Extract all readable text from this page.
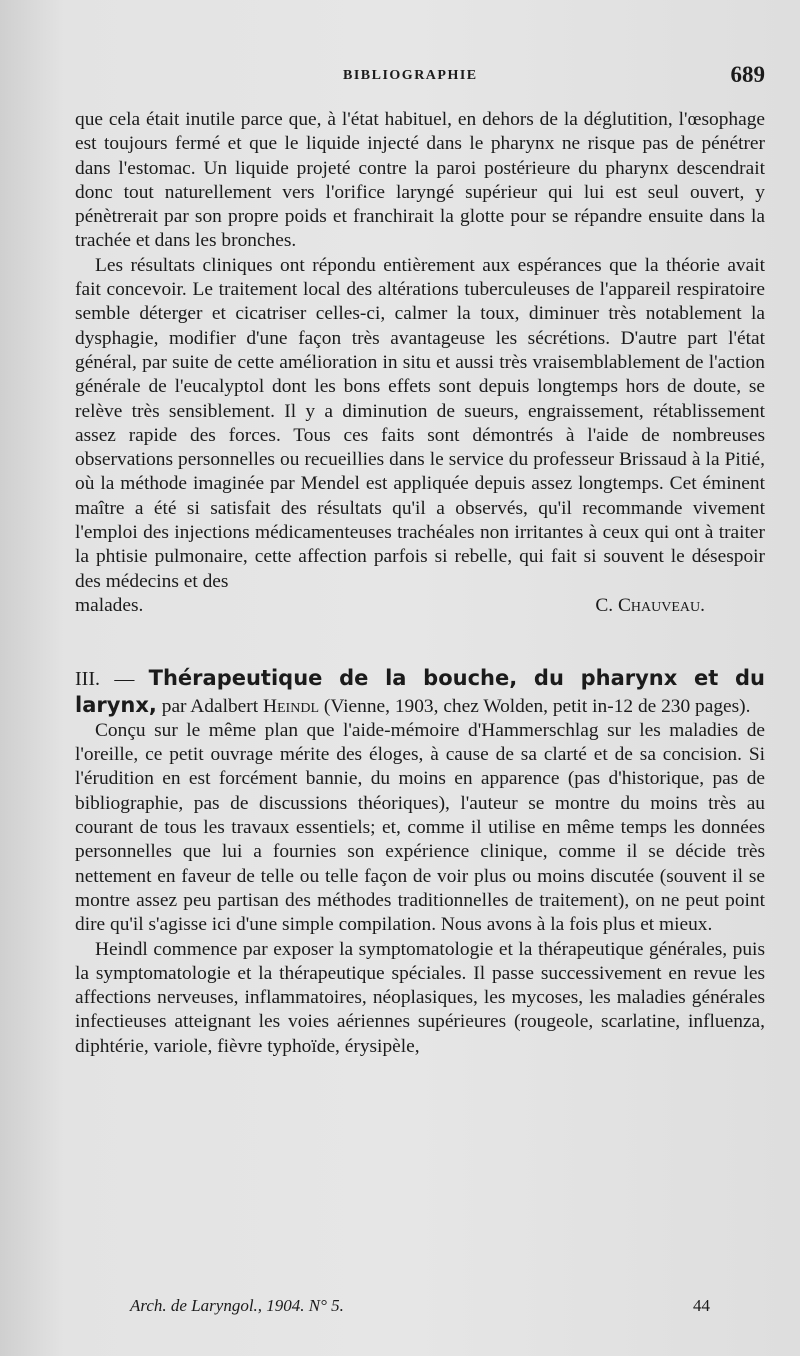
BIBLIOGRAPHIE	689

que cela était inutile parce que, à l'état habituel, en dehors de la déglutition, l'œsophage est toujours fermé et que le liquide injecté dans le pharynx ne risque pas de pénétrer dans l'estomac. Un liquide projeté contre la paroi postérieure du pharynx descendrait donc tout naturellement vers l'orifice laryngé supérieur qui lui est seul ouvert, y pénètrerait par son propre poids et franchirait la glotte pour se répandre ensuite dans la trachée et dans les bronches.

Les résultats cliniques ont répondu entièrement aux espérances que la théorie avait fait concevoir. Le traitement local des altérations tuberculeuses de l'appareil respiratoire semble déterger et cicatriser celles-ci, calmer la toux, diminuer très notablement la dysphagie, modifier d'une façon très avantageuse les sécrétions. D'autre part l'état général, par suite de cette amélioration in situ et aussi très vraisemblablement de l'action générale de l'eucalyptol dont les bons effets sont depuis longtemps hors de doute, se relève très sensiblement. Il y a diminution de sueurs, engraissement, rétablissement assez rapide des forces. Tous ces faits sont démontrés à l'aide de nombreuses observations personnelles ou recueillies dans le service du professeur Brissaud à la Pitié, où la méthode imaginée par Mendel est appliquée depuis assez longtemps. Cet éminent maître a été si satisfait des résultats qu'il a observés, qu'il recommande vivement l'emploi des injections médicamenteuses trachéales non irritantes à ceux qui ont à traiter la phtisie pulmonaire, cette affection parfois si rebelle, qui fait si souvent le désespoir des médecins et des

malades.	C. Chauveau.

III. — Thérapeutique de la bouche, du pharynx et du larynx, par Adalbert Heindl (Vienne, 1903, chez Wolden, petit in-12 de 230 pages).

Conçu sur le même plan que l'aide-mémoire d'Hammerschlag sur les maladies de l'oreille, ce petit ouvrage mérite des éloges, à cause de sa clarté et de sa concision. Si l'érudition en est forcément bannie, du moins en apparence (pas d'historique, pas de bibliographie, pas de discussions théoriques), l'auteur se montre du moins très au courant de tous les travaux essentiels; et, comme il utilise en même temps les données personnelles que lui a fournies son expérience clinique, comme il se décide très nettement en faveur de telle ou telle façon de voir plus ou moins discutée (souvent il se montre assez peu partisan des méthodes traditionnelles de traitement), on ne peut point dire qu'il s'agisse ici d'une simple compilation. Nous avons à la fois plus et mieux.

Heindl commence par exposer la symptomatologie et la thérapeutique générales, puis la symptomatologie et la thérapeutique spéciales. Il passe successivement en revue les affections nerveuses, inflammatoires, néoplasiques, les mycoses, les maladies générales infectieuses atteignant les voies aériennes supérieures (rougeole, scarlatine, influenza, diphtérie, variole, fièvre typhoïde, érysipèle,

Arch. de Laryngol., 1904. N° 5.	44
